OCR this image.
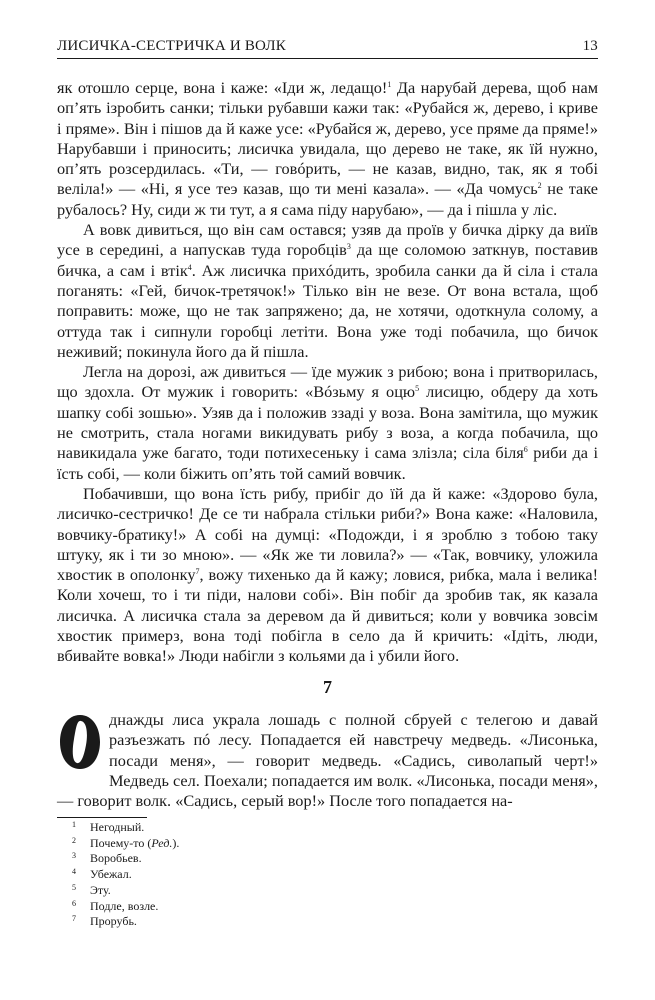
ЛИСИЧКА-СЕСТРИЧКА И ВОЛК	13

як отошло серце, вона і каже: «Іди ж, ледащо!$^1$ Да нарубай дерева, щоб нам оп’ять ізробить санки; тільки рубавши кажи так: «Рубайся ж, дерево, і криве і пряме». Він і пішов да й каже усе: «Рубайся ж, дерево, усе пряме да пряме!» Нарубавши і приносить; лисичка увидала, що дерево не таке, як їй нужно, оп’ять розсердилась. «Ти, — говóрить, — не казав, видно, так, як я тобі веліла!» — «Ні, я усе теэ казав, що ти мені казала». — «Да чомусь$^2$ не таке рубалось? Ну, сиди ж ти тут, а я сама піду нарубаю», — да і пішла у ліс.

А вовк дивиться, що він сам остався; узяв да проїв у бичка дірку да виїв усе в середині, а напускав туда горобців$^3$ да ще соломою заткнув, поставив бичка, а сам і втік$^4$. Аж лисичка прихóдить, зробила санки да й сіла і стала поганять: «Гей, бичок-третячок!» Тілько він не везе. От вона встала, щоб поправить: може, що не так запряжено; да, не хотячи, одоткнула солому, а оттуда так і сипнули горобці летіти. Вона уже тоді побачила, що бичок неживий; покинула його да й пішла.

Легла на дорозі, аж дивиться — їде мужик з рибою; вона і притворилась, що здохла. От мужик і говорить: «Вóзьму я оцю$^5$ лисицю, обдеру да хоть шапку собі зошью». Узяв да і положив ззаді у воза. Вона замітила, що мужик не смотрить, стала ногами викидувать рибу з воза, а когда побачила, що навикидала уже багато, тоди потихесеньку і сама злізла; сіла біля$^6$ риби да і їсть собі, — коли біжить оп’ять той самий вовчик.

Побачивши, що вона їсть рибу, прибіг до їй да й каже: «Здорово була, лисичко-сестричко! Де се ти набрала стільки риби?» Вона каже: «Наловила, вовчику-братику!» А собі на думці: «Подожди, і я зроблю з тобою таку штуку, як і ти зо мною». — «Як же ти ловила?» — «Так, вовчику, уложила хвостик в ополонку$^7$, вожу тихенько да й кажу; ловися, рибка, мала і велика! Коли хочеш, то і ти піди, налови собі». Він побіг да зробив так, як казала лисичка. А лисичка стала за деревом да й дивиться; коли у вовчика зовсім хвостик примерз, вона тоді побігла в село да й кричить: «Ідіть, люди, вбивайте вовка!» Люди набігли з кольями да і убили його.

7

днажды лиса украла лошадь с полной сбруей с телегою и давай разъезжать пó лесу. Попадается ей навстречу медведь. «Лисонька, посади меня», — говорит медведь. «Садись, сиволапый черт!» Медведь сел. Поехали; попадается им волк. «Лисонька, посади меня», — говорит волк. «Садись, серый вор!» После того попадается на-

1 Негодный.
2 Почему-то (Ред.).
3 Воробьев.
4 Убежал.
5 Эту.
6 Подле, возле.
7 Прорубь.
